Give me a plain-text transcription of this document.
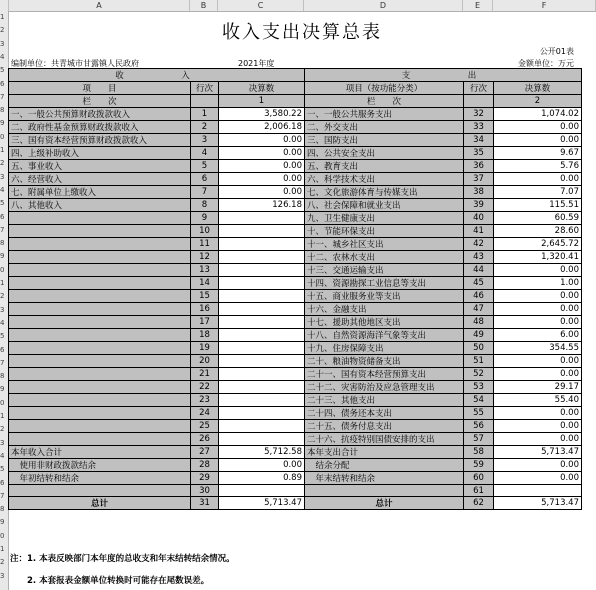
A	B	C	D	E	F
1
2
3
4
5
6
7
8
9
0
1
2
3
4
5
6
7
8
9
0
1
2
3
4
5
6
7
8
9
0
1
2
3
4
5
6
7
8
9
0
1
2
3
收入支出决算总表
公开01表
编制单位：共青城市甘露镇人民政府	2021年度	金额单位：万元
收　　　入			支　　　出		
项　　目	行次	决算数	项目（按功能分类）	行次	决算数
栏　　次		1	栏　　次		2
一、一般公共预算财政拨款收入	1	3,580.22	一、一般公共服务支出	32	1,074.02
二、政府性基金预算财政拨款收入	2	2,006.18	二、外交支出	33	0.00
三、国有资本经营预算财政拨款收入	3	0.00	三、国防支出	34	0.00
四、上级补助收入	4	0.00	四、公共安全支出	35	9.67
五、事业收入	5	0.00	五、教育支出	36	5.76
六、经营收入	6	0.00	六、科学技术支出	37	0.00
七、附属单位上缴收入	7	0.00	七、文化旅游体育与传媒支出	38	7.07
八、其他收入	8	126.18	八、社会保障和就业支出	39	115.51
	9		九、卫生健康支出	40	60.59
	10		十、节能环保支出	41	28.60
	11		十一、城乡社区支出	42	2,645.72
	12		十二、农林水支出	43	1,320.41
	13		十三、交通运输支出	44	0.00
	14		十四、资源勘探工业信息等支出	45	1.00
	15		十五、商业服务业等支出	46	0.00
	16		十六、金融支出	47	0.00
	17		十七、援助其他地区支出	48	0.00
	18		十八、自然资源海洋气象等支出	49	6.00
	19		十九、住房保障支出	50	354.55
	20		二十、粮油物资储备支出	51	0.00
	21		二十一、国有资本经营预算支出	52	0.00
	22		二十二、灾害防治及应急管理支出	53	29.17
	23		二十三、其他支出	54	55.40
	24		二十四、债务还本支出	55	0.00
	25		二十五、债务付息支出	56	0.00
	26		二十六、抗疫特别国债安排的支出	57	0.00
本年收入合计	27	5,712.58	本年支出合计	58	5,713.47
　使用非财政拨款结余	28	0.00	　结余分配	59	0.00
　年初结转和结余	29	0.89	　年末结转和结余	60	0.00
	30			61	
总计	31	5,713.47	总计	62	5,713.47
注：1. 本表反映部门本年度的总收支和年末结转结余情况。
　　2. 本套报表金额单位转换时可能存在尾数误差。
